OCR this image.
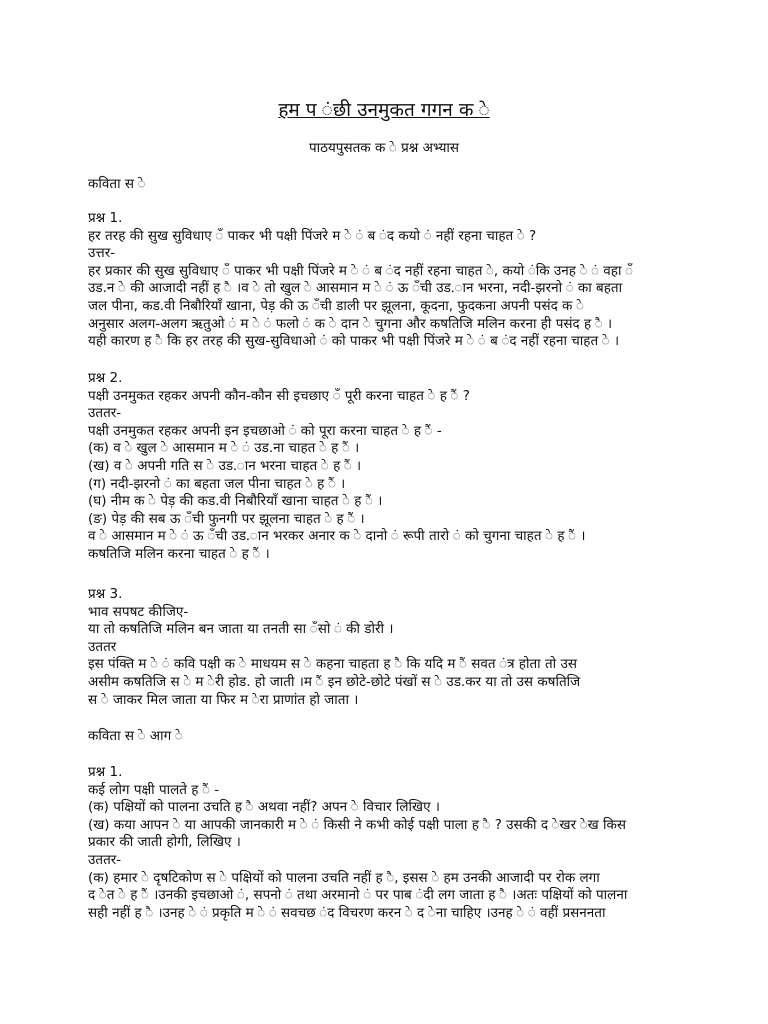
हम प ंछी उनमुकत गगन क े
पाठयपुसतक क े प्रश्न अभ्यास
कविता स े
प्रश्न 1.
हर तरह की सुख सुविधाए ँ पाकर भी पक्षी पिंजरे म े ं ब ंद कयो ं नहीं रहना चाहत े ?
उत्तर-
हर प्रकार की सुख सुविधाए ँ पाकर भी पक्षी पिंजरे म े ं ब ंद नहीं रहना चाहत े, कयो ंकि उनह े ं वहा ँ
उड.न े की आजादी नहीं ह ै ।व े तो खुल े आसमान म े ं ऊ ँची उड.ान भरना, नदी-झरनो ं का बहता
जल पीना, कड.वी निबौरियाँ खाना, पेड़ की ऊ ँची डाली पर झूलना, कूदना, फुदकना अपनी पसंद क े
अनुसार अलग-अलग ऋतुओ ं म े ं फलो ं क े दान े चुगना और कषतिजि मलिन करना ही पसंद ह ै ।
यही कारण ह ै कि हर तरह की सुख-सुविधाओ ं को पाकर भी पक्षी पिंजरे म े ं ब ंद नहीं रहना चाहत े ।
प्रश्न 2.
पक्षी उनमुकत रहकर अपनी कौन-कौन सी इचछाए ँ पूरी करना चाहत े ह ैं ?
उततर-
पक्षी उनमुकत रहकर अपनी इन इचछाओ ं को पूरा करना चाहत े ह ैं -
(क) व े खुल े आसमान म े ं उड.ना चाहत े ह ैं ।
(ख) व े अपनी गति स े उड.ान भरना चाहत े ह ैं ।
(ग) नदी-झरनो ं का बहता जल पीना चाहत े ह ैं ।
(घ) नीम क े पेड़ की कड.वी निबौरियाँ खाना चाहत े ह ैं ।
(ङ) पेड़ की सब ऊ ँची फुनगी पर झूलना चाहत े ह ैं ।
व े आसमान म े ं ऊ ँची उड.ान भरकर अनार क े दानो ं रूपी तारो ं को चुगना चाहत े ह ैं ।
कषतिजि मलिन करना चाहत े ह ैं ।
प्रश्न 3.
भाव सपषट कीजिए-
या तो कषतिजि मलिन बन जाता या तनती सा ँसो ं की डोरी ।
उततर
इस पंक्ति म े ं कवि पक्षी क े माधयम स े कहना चाहता ह ै कि यदि म ैं सवत ंत्र होता तो उस
असीम कषतिजि स े म ेरी होड. हो जाती ।म ैं इन छोटे-छोटे पंखों स े उड.कर या तो उस कषतिजि
स े जाकर मिल जाता या फिर म ेरा प्राणांत हो जाता ।
कविता स े आग े
प्रश्न 1.
कई लोग पक्षी पालते ह ैं -
(क) पक्षियों को पालना उचति ह ै अथवा नहीं? अपन े विचार लिखिए ।
(ख) कया आपन े या आपकी जानकारी म े ं किसी ने कभी कोई पक्षी पाला ह ै ? उसकी द ेखर ेख किस
प्रकार की जाती होगी, लिखिए ।
उततर-
(क) हमार े दृषटिकोण स े पक्षियों को पालना उचति नहीं ह ै, इसस े हम उनकी आजादी पर रोक लगा
द ेत े ह ैं ।उनकी इचछाओ ं, सपनो ं तथा अरमानो ं पर पाब ंदी लग जाता ह ै ।अतः पक्षियों को पालना
सही नहीं ह ै ।उनह े ं प्रकृति म े ं सवचछ ंद विचरण करन े द ेना चाहिए ।उनह े ं वहीं प्रसननता
